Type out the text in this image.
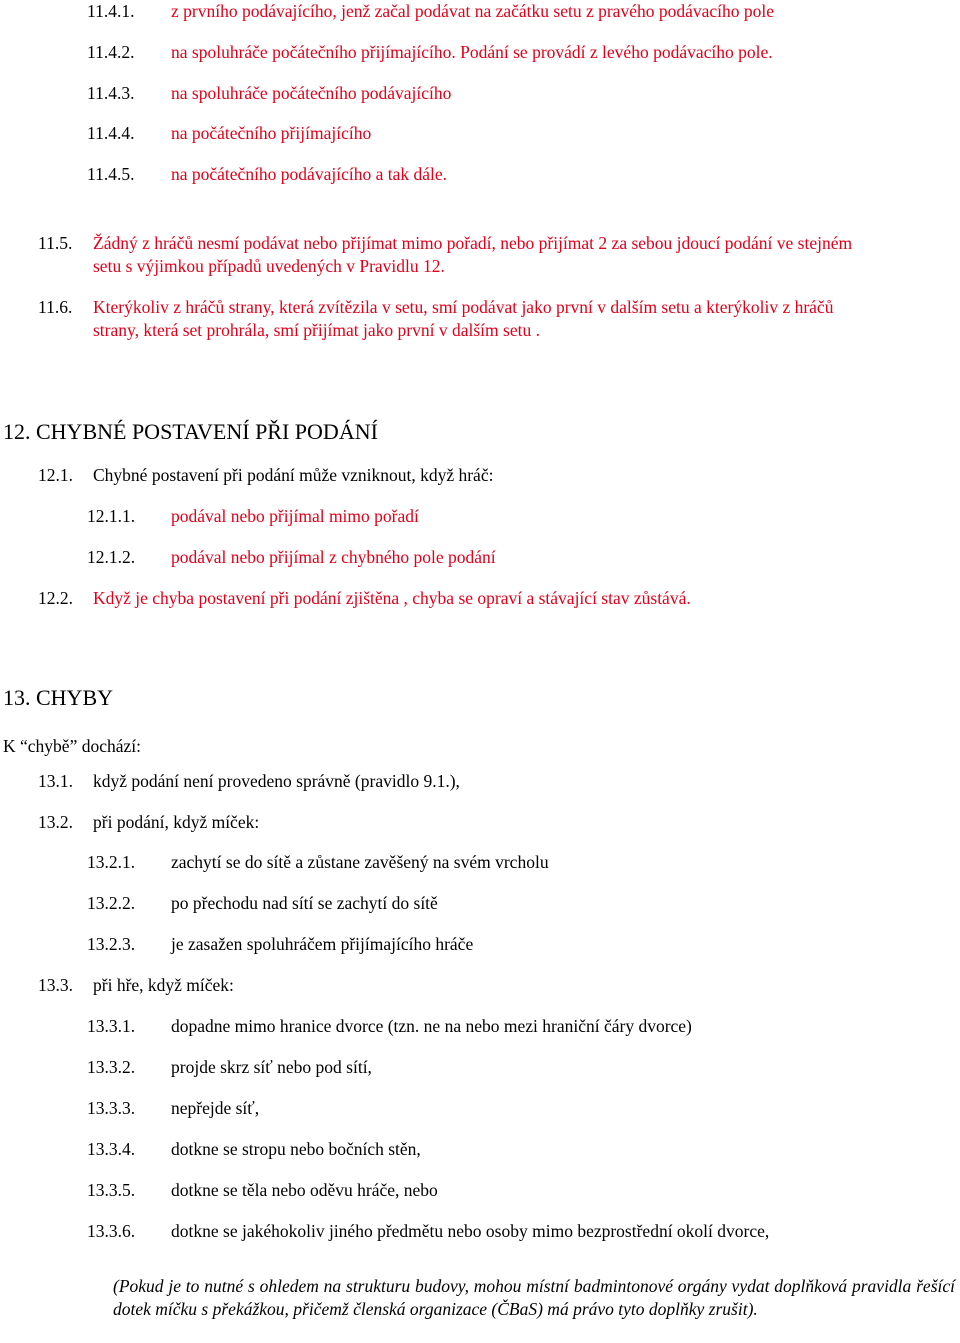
11.4.1. z prvního podávajícího, jenž začal podávat na začátku setu z pravého podávacího pole
11.4.2. na spoluhráče počátečního přijímajícího. Podání se provádí z levého podávacího pole.
11.4.3. na spoluhráče počátečního podávajícího
11.4.4. na počátečního přijímajícího
11.4.5. na počátečního podávajícího a tak dále.
11.5. Žádný z hráčů nesmí podávat nebo přijímat mimo pořadí, nebo přijímat 2 za sebou jdoucí podání ve stejném
setu s výjimkou případů uvedených v Pravidlu 12.
11.6. Kterýkoliv z hráčů strany, která zvítězila v setu, smí podávat jako první v dalším setu a kterýkoliv z hráčů
strany, která set prohrála, smí přijímat jako první v dalším setu .
12. CHYBNÉ POSTAVENÍ PŘI PODÁNÍ
12.1. Chybné postavení při podání může vzniknout, když hráč:
12.1.1. podával nebo přijímal mimo pořadí
12.1.2. podával nebo přijímal z chybného pole podání
12.2. Když je chyba postavení při podání zjištěna , chyba se opraví a stávající stav zůstává.
13. CHYBY
K “chybě” dochází:
13.1. když podání není provedeno správně (pravidlo 9.1.),
13.2. při podání, když míček:
13.2.1. zachytí se do sítě a zůstane zavěšený na svém vrcholu
13.2.2. po přechodu nad sítí se zachytí do sítě
13.2.3. je zasažen spoluhráčem přijímajícího hráče
13.3. při hře, když míček:
13.3.1. dopadne mimo hranice dvorce (tzn. ne na nebo mezi hraniční čáry dvorce)
13.3.2. projde skrz síť nebo pod sítí,
13.3.3. nepřejde síť,
13.3.4. dotkne se stropu nebo bočních stěn,
13.3.5. dotkne se těla nebo oděvu hráče, nebo
13.3.6. dotkne se jakéhokoliv jiného předmětu nebo osoby mimo bezprostřední okolí dvorce,
(Pokud je to nutné s ohledem na strukturu budovy, mohou místní badmintonové orgány vydat doplňková pravidla řešící dotek míčku s překážkou, přičemž členská organizace (ČBaS) má právo tyto doplňky zrušit).
